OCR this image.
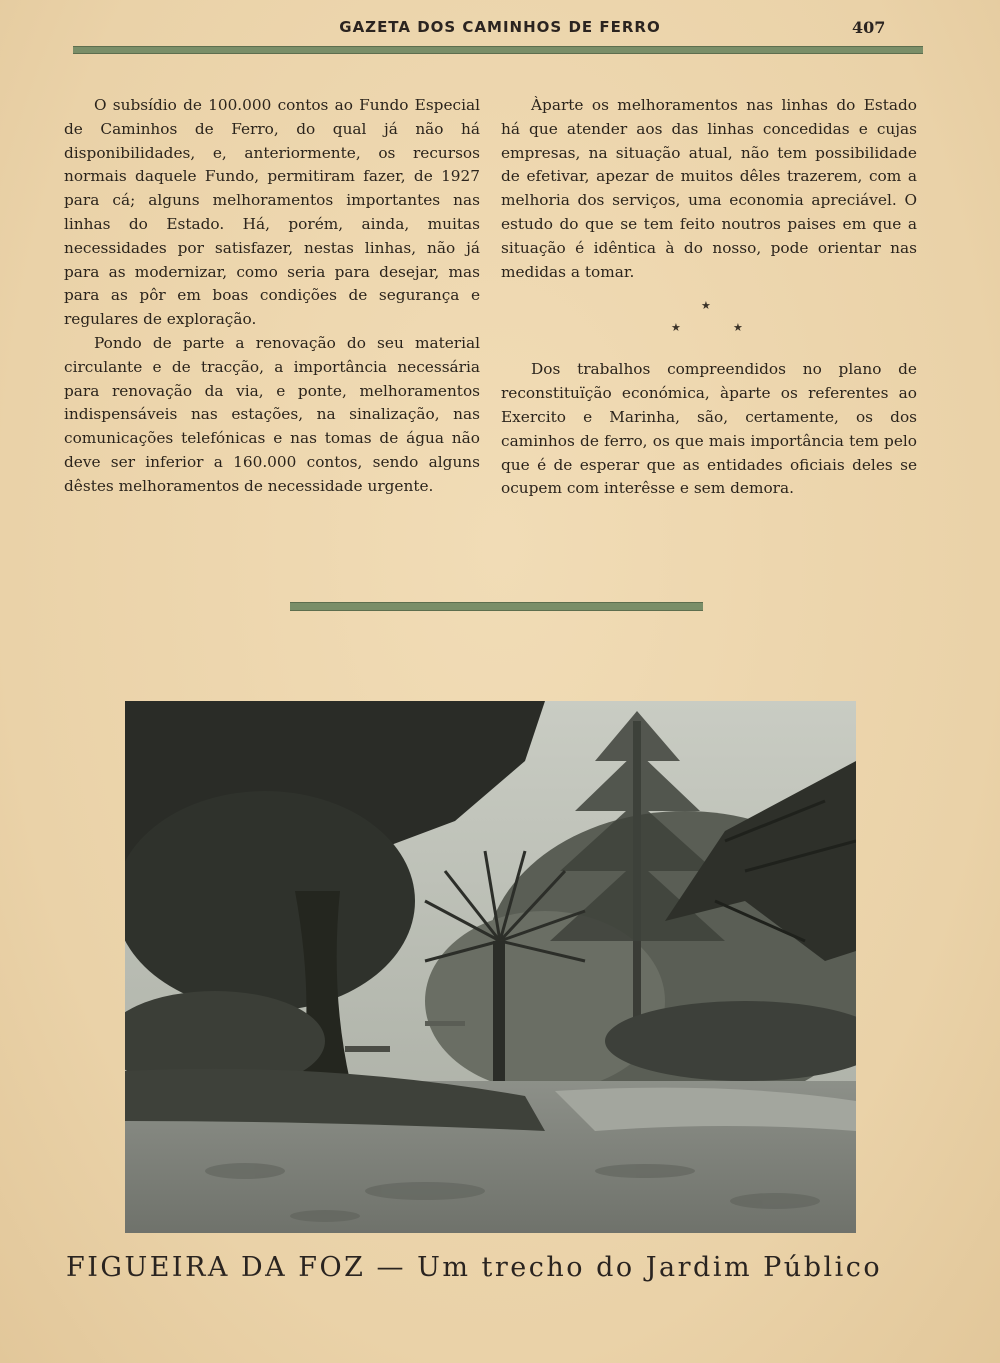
GAZETA DOS CAMINHOS DE FERRO	407

O subsídio de 100.000 contos ao Fundo Especial de Caminhos de Ferro, do qual já não há disponibilidades, e, anteriormente, os recursos normais daquele Fundo, permitiram fazer, de 1927 para cá; alguns melhoramentos importantes nas linhas do Estado. Há, porém, ainda, muitas necessidades por satisfazer, nestas linhas, não já para as modernizar, como seria para desejar, mas para as pôr em boas condições de segurança e regulares de exploração.

Pondo de parte a renovação do seu material circulante e de tracção, a importância necessária para renovação da via, e ponte, melhoramentos indispensáveis nas estações, na sinalização, nas comunicações telefónicas e nas tomas de água não deve ser inferior a 160.000 contos, sendo alguns dêstes melhoramentos de necessidade urgente.

Àparte os melhoramentos nas linhas do Estado há que atender aos das linhas concedidas e cujas empresas, na situação atual, não tem possibilidade de efetivar, apezar de muitos dêles trazerem, com a melhoria dos serviços, uma economia apreciável. O estudo do que se tem feito noutros paises em que a situação é idêntica à do nosso, pode orientar nas medidas a tomar.

★
★	★

Dos trabalhos compreendidos no plano de reconstituïção económica, àparte os referentes ao Exercito e Marinha, são, certamente, os dos caminhos de ferro, os que mais importância tem pelo que é de esperar que as entidades oficiais deles se ocupem com interêsse e sem demora.

FIGUEIRA DA FOZ — Um trecho do Jardim Público
